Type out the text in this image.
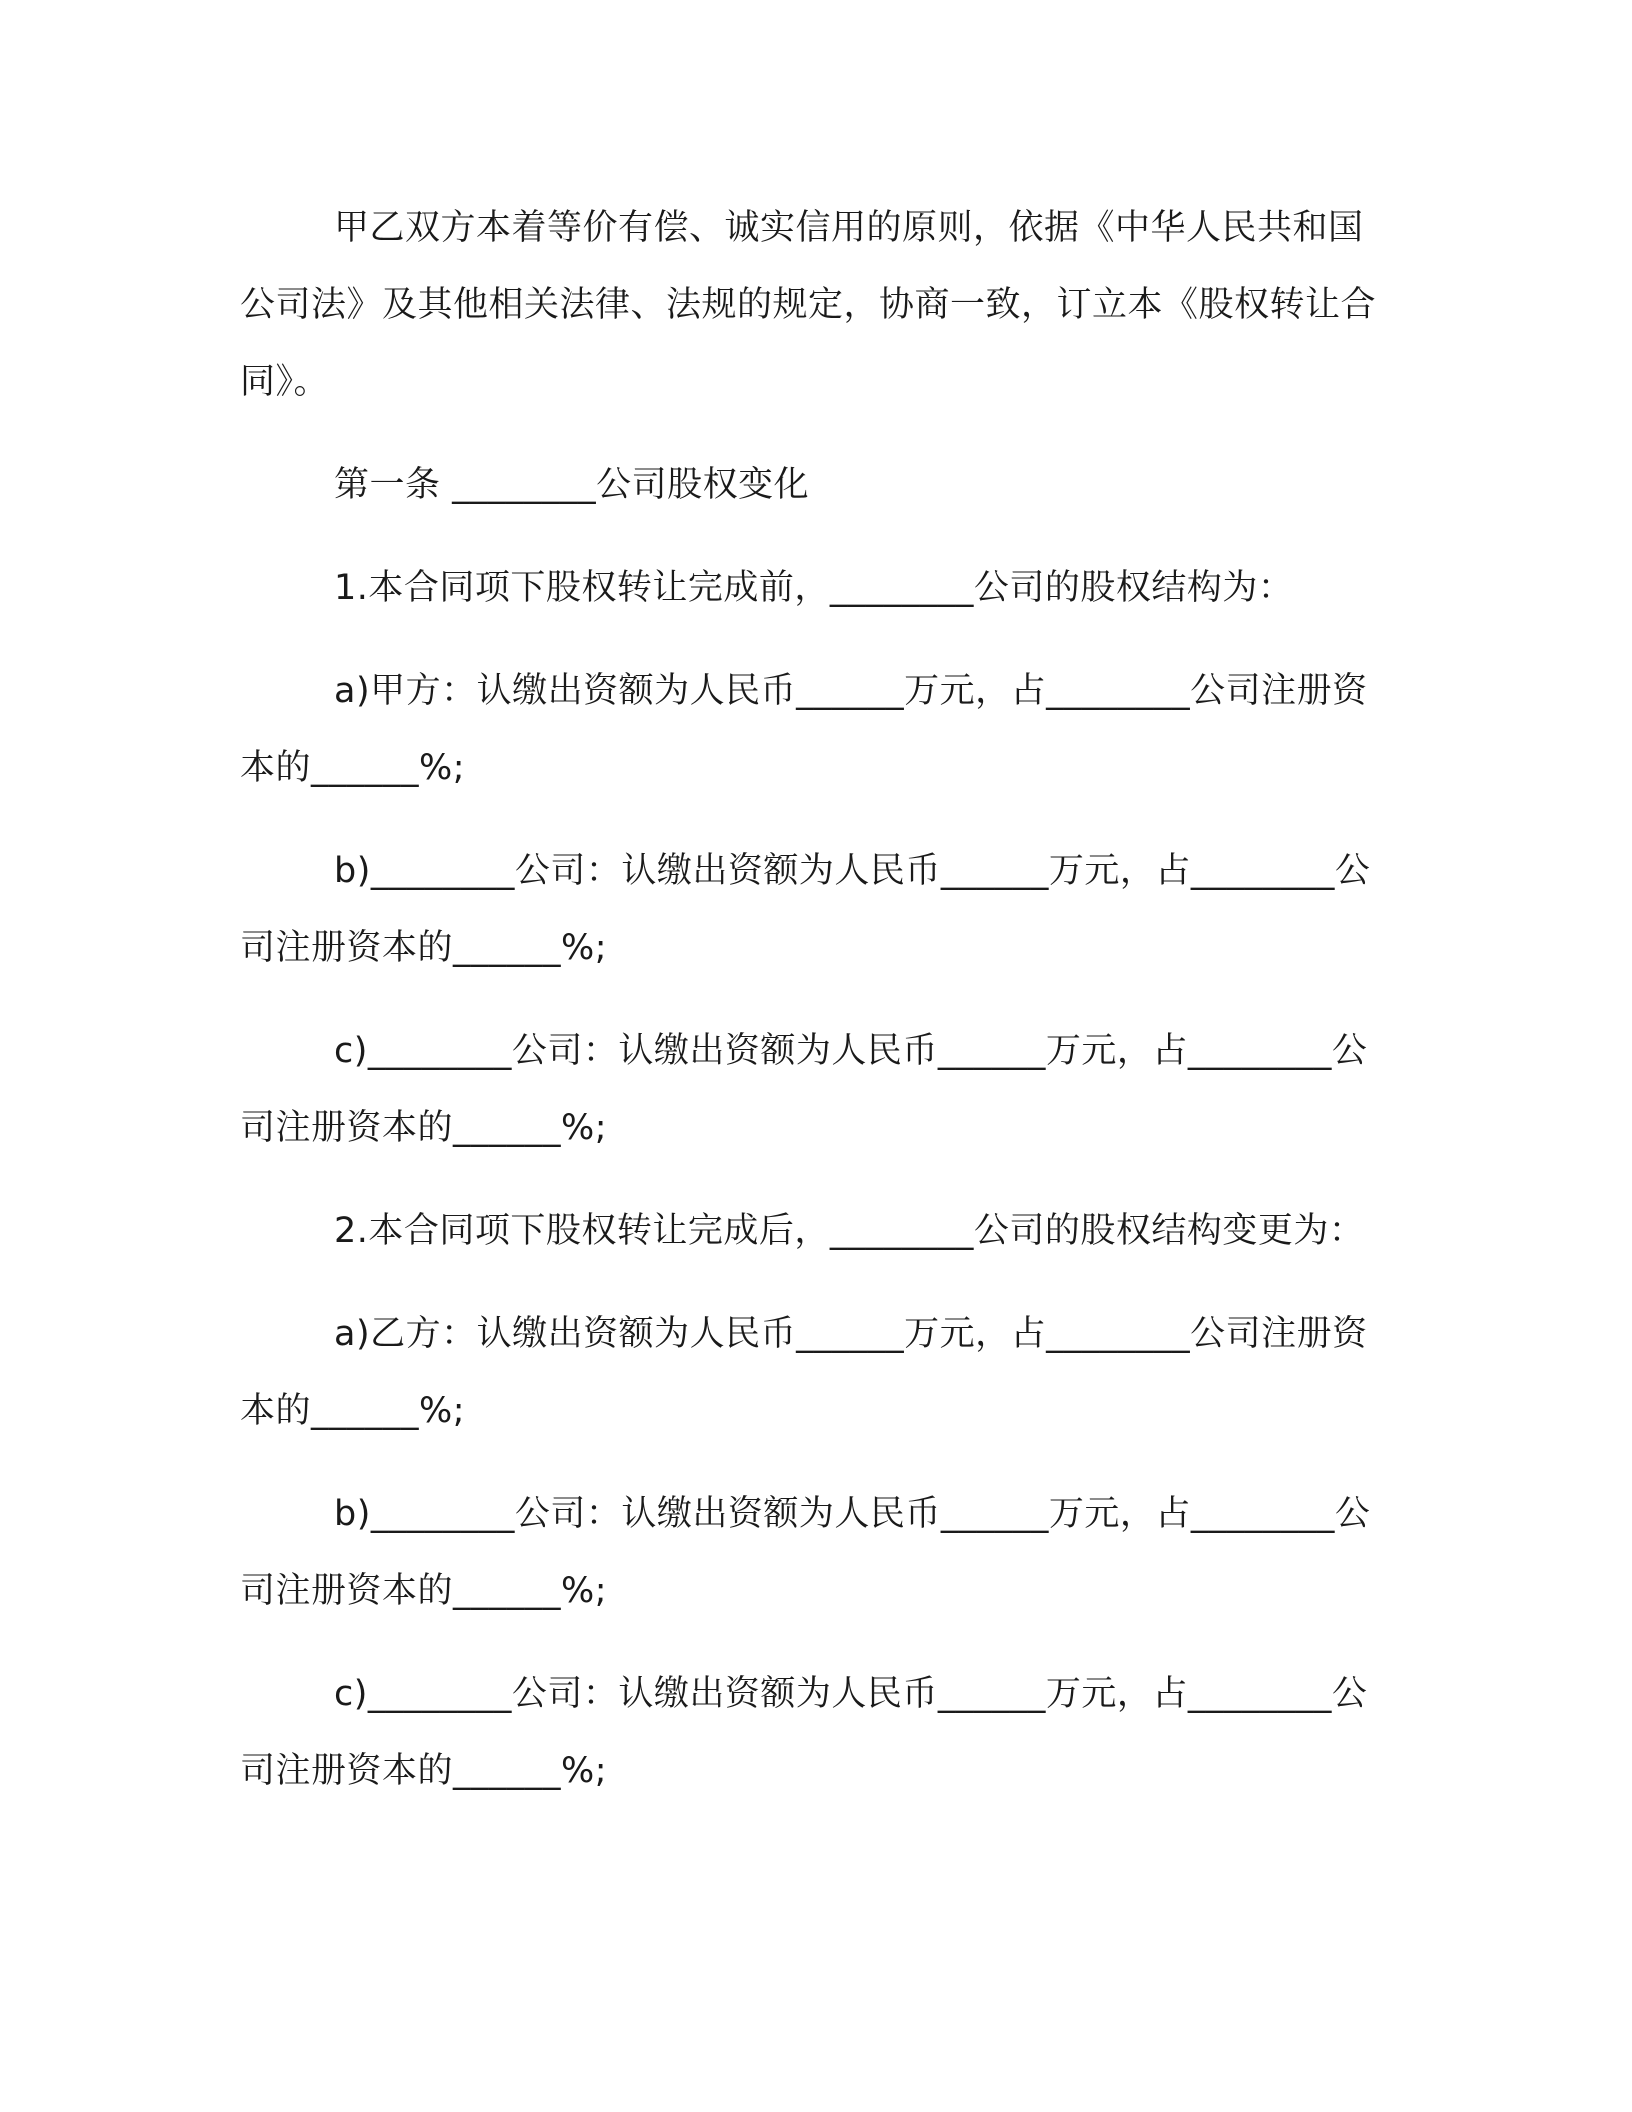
甲乙双方本着等价有偿、诚实信用的原则，依据《中华人民共和国公司法》及其他相关法律、法规的规定，协商一致，订立本《股权转让合同》。

第一条 ________公司股权变化

1.本合同项下股权转让完成前，________公司的股权结构为：

a)甲方：认缴出资额为人民币______万元，占________公司注册资本的______%;

b)________公司：认缴出资额为人民币______万元，占________公司注册资本的______%;

c)________公司：认缴出资额为人民币______万元，占________公司注册资本的______%;

2.本合同项下股权转让完成后，________公司的股权结构变更为：

a)乙方：认缴出资额为人民币______万元，占________公司注册资本的______%;

b)________公司：认缴出资额为人民币______万元，占________公司注册资本的______%;

c)________公司：认缴出资额为人民币______万元，占________公司注册资本的______%;
